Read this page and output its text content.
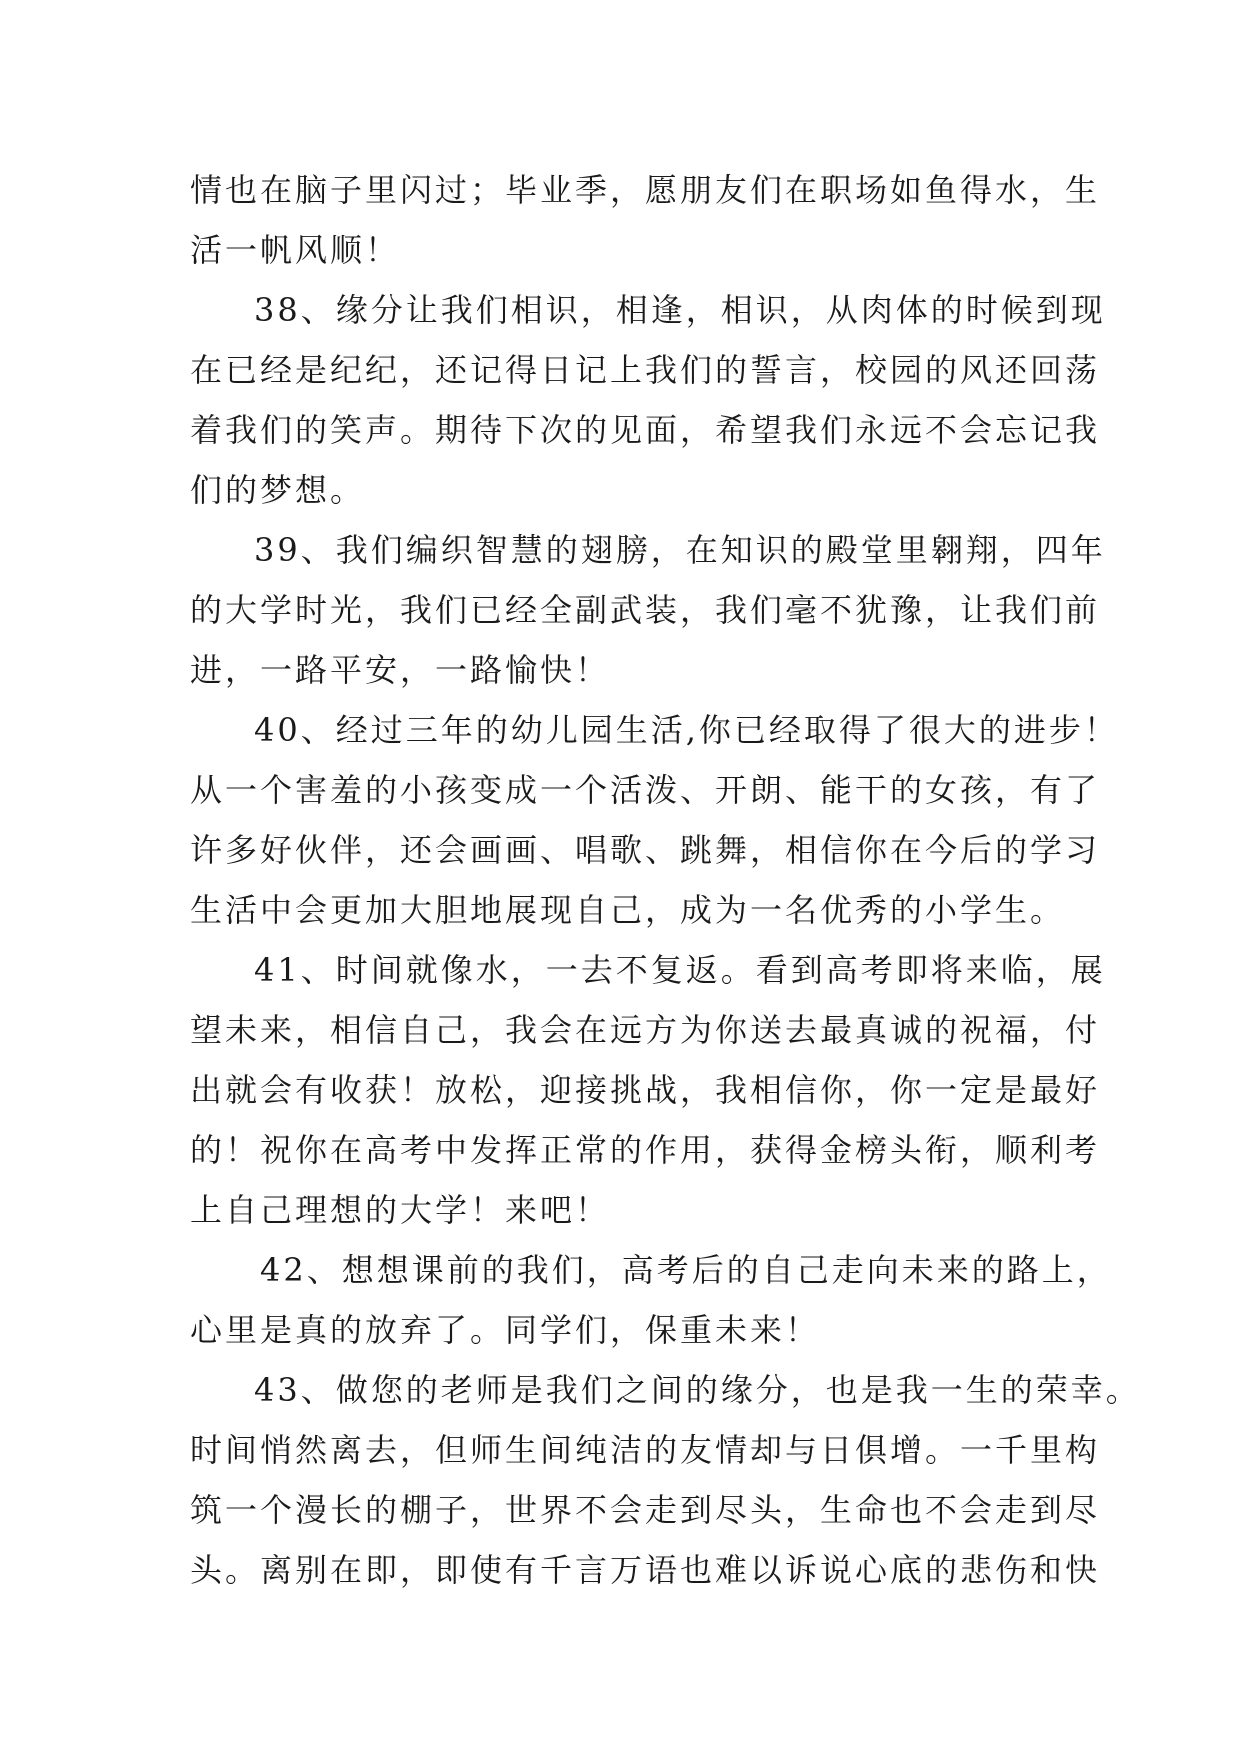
情也在脑子里闪过；毕业季，愿朋友们在职场如鱼得水，生
活一帆风顺！
38、缘分让我们相识，相逢，相识，从肉体的时候到现
在已经是纪纪，还记得日记上我们的誓言，校园的风还回荡
着我们的笑声。期待下次的见面，希望我们永远不会忘记我
们的梦想。
39、我们编织智慧的翅膀，在知识的殿堂里翱翔，四年
的大学时光，我们已经全副武装，我们毫不犹豫，让我们前
进，一路平安，一路愉快！
40、经过三年的幼儿园生活,你已经取得了很大的进步！
从一个害羞的小孩变成一个活泼、开朗、能干的女孩，有了
许多好伙伴，还会画画、唱歌、跳舞，相信你在今后的学习
生活中会更加大胆地展现自己，成为一名优秀的小学生。
41、时间就像水，一去不复返。看到高考即将来临，展
望未来，相信自己，我会在远方为你送去最真诚的祝福，付
出就会有收获！放松，迎接挑战，我相信你，你一定是最好
的！祝你在高考中发挥正常的作用，获得金榜头衔，顺利考
上自己理想的大学！来吧！
42、想想课前的我们，高考后的自己走向未来的路上，
心里是真的放弃了。同学们，保重未来！
43、做您的老师是我们之间的缘分，也是我一生的荣幸。
时间悄然离去，但师生间纯洁的友情却与日俱增。一千里构
筑一个漫长的棚子，世界不会走到尽头，生命也不会走到尽
头。离别在即，即使有千言万语也难以诉说心底的悲伤和快
